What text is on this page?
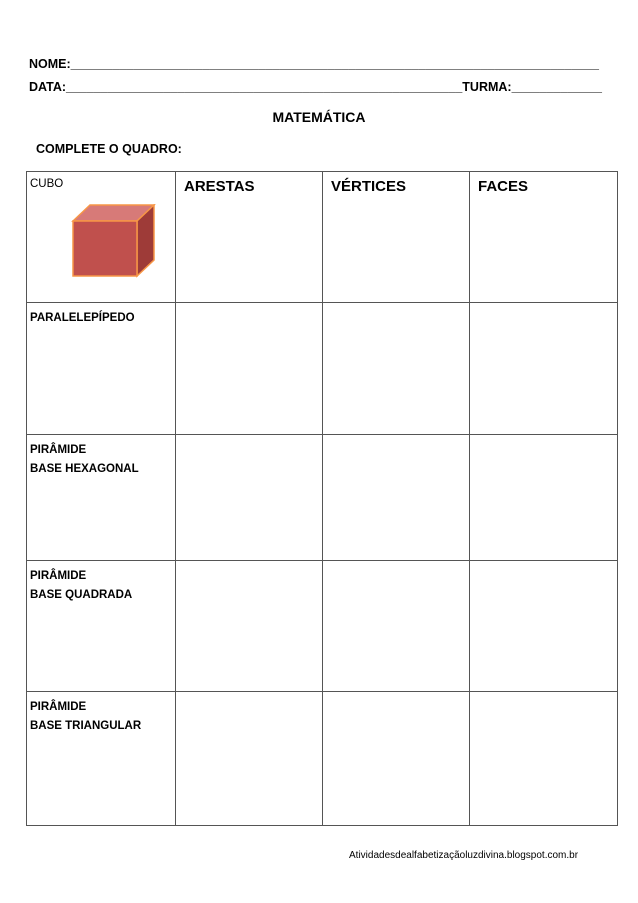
NOME:____________________________________________________________________________
DATA:_________________________________________________________TURMA:_____________
MATEMÁTICA
COMPLETE O QUADRO:
CUBO	ARESTAS	VÉRTICES	FACES

PARALELEPÍPEDO			

PIRÂMIDE
BASE HEXAGONAL			

PIRÂMIDE
BASE QUADRADA			

PIRÂMIDE
BASE TRIANGULAR			

Atividadesdealfabetizaçãoluzdivina.blogspot.com.br
